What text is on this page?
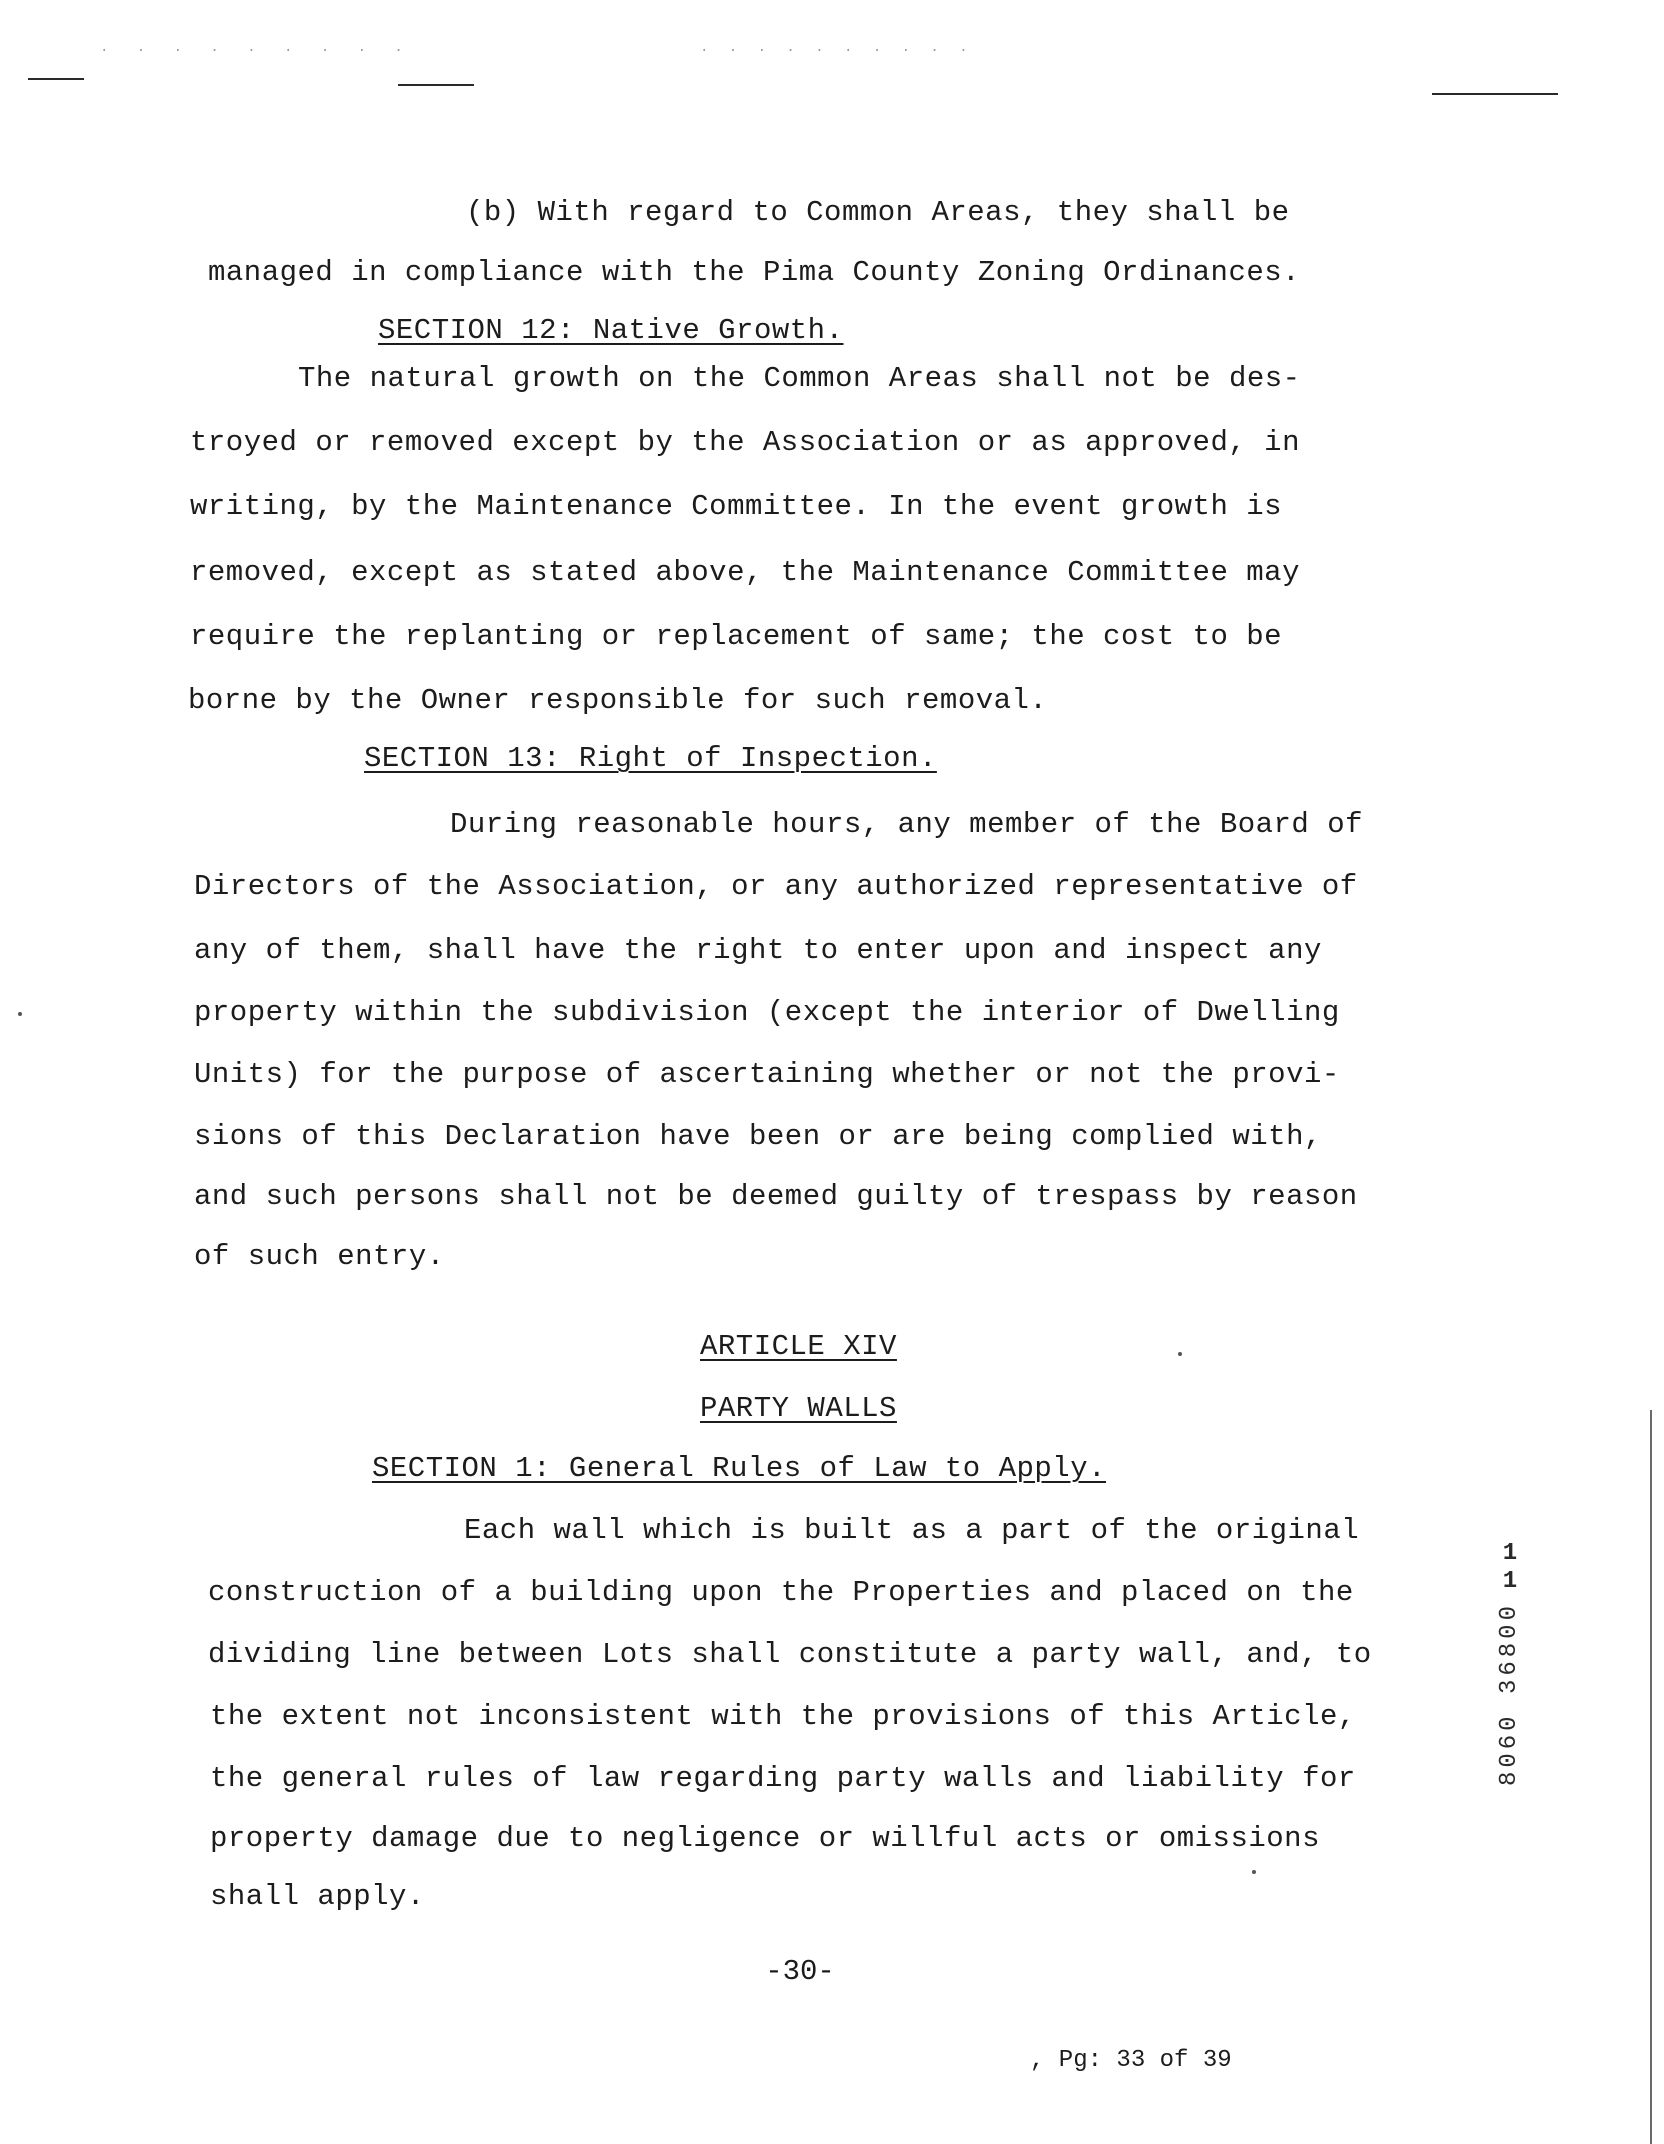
. . . . . . . . .	. . . . . . . . . .
(b) With regard to Common Areas, they shall be
managed in compliance with the Pima County Zoning Ordinances.
SECTION 12: Native Growth.
The natural growth on the Common Areas shall not be des-
troyed or removed except by the Association or as approved, in
writing, by the Maintenance Committee. In the event growth is
removed, except as stated above, the Maintenance Committee may
require the replanting or replacement of same; the cost to be
borne by the Owner responsible for such removal.
SECTION 13: Right of Inspection.
During reasonable hours, any member of the Board of
Directors of the Association, or any authorized representative of
any of them, shall have the right to enter upon and inspect any
property within the subdivision (except the interior of Dwelling
Units) for the purpose of ascertaining whether or not the provi-
sions of this Declaration have been or are being complied with,
and such persons shall not be deemed guilty of trespass by reason
of such entry.
ARTICLE XIV
PARTY WALLS
SECTION 1: General Rules of Law to Apply.
Each wall which is built as a part of the original
construction of a building upon the Properties and placed on the
dividing line between Lots shall constitute a party wall, and, to
the extent not inconsistent with the provisions of this Article,
the general rules of law regarding party walls and liability for
property damage due to negligence or willful acts or omissions
shall apply.
-30-
1
1
8060 36800
, Pg: 33 of 39
